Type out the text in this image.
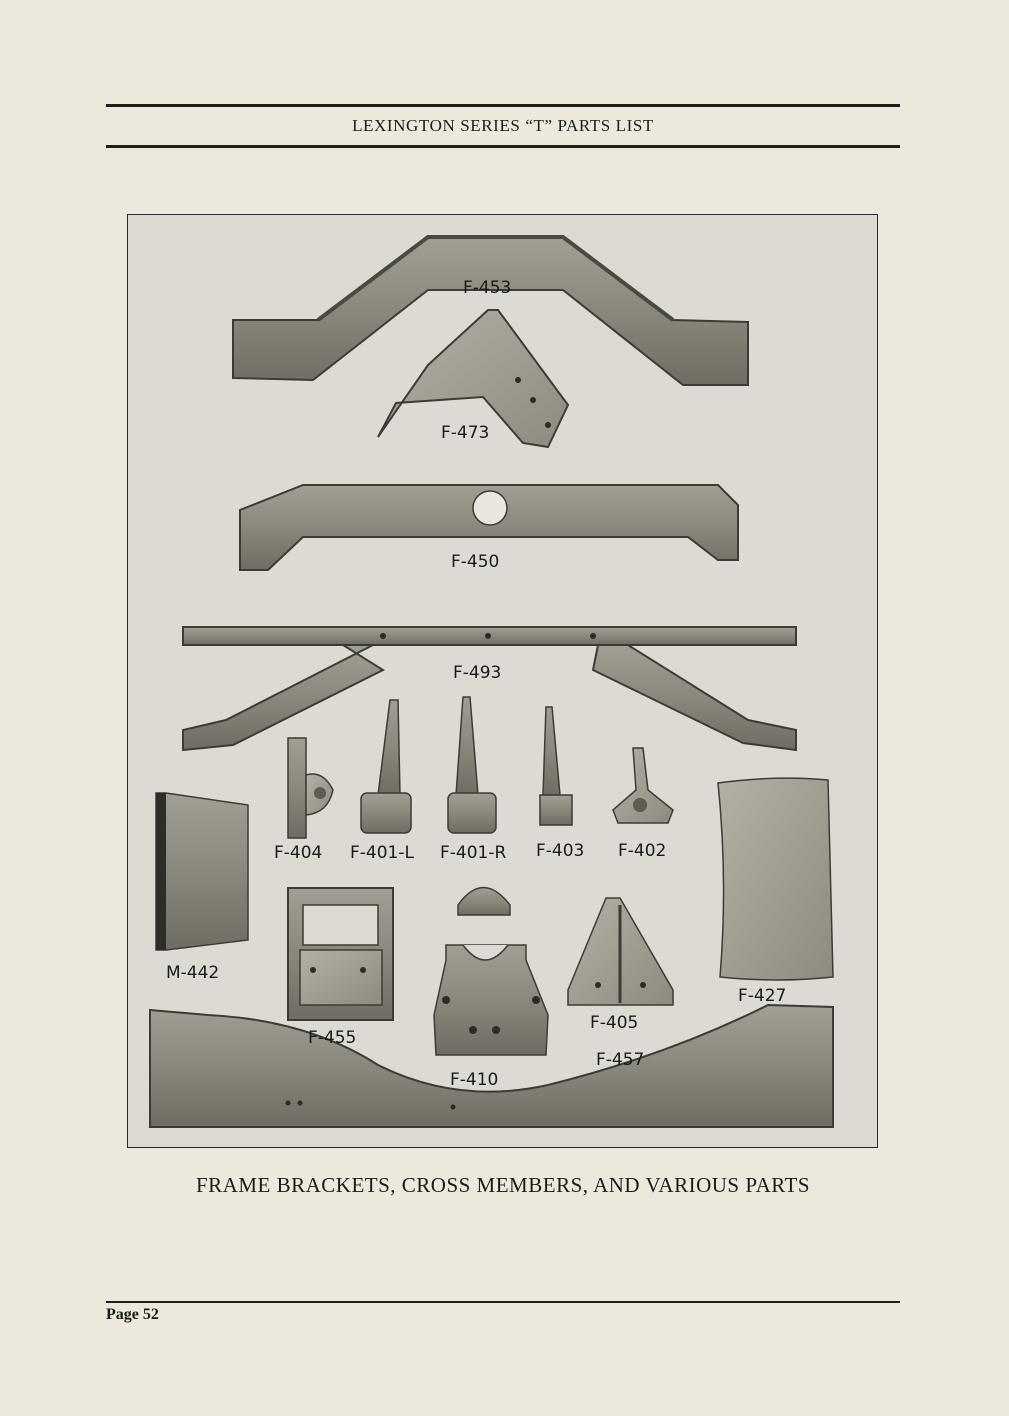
LEXINGTON SERIES “T” PARTS LIST
F-453
F-473
F-450
F-493
F-404 F-401-L F-401-R F-403 F-402
M-442
F-455
F-410
F-405
F-457
F-427
FRAME BRACKETS, CROSS MEMBERS, AND VARIOUS PARTS
Page 52
